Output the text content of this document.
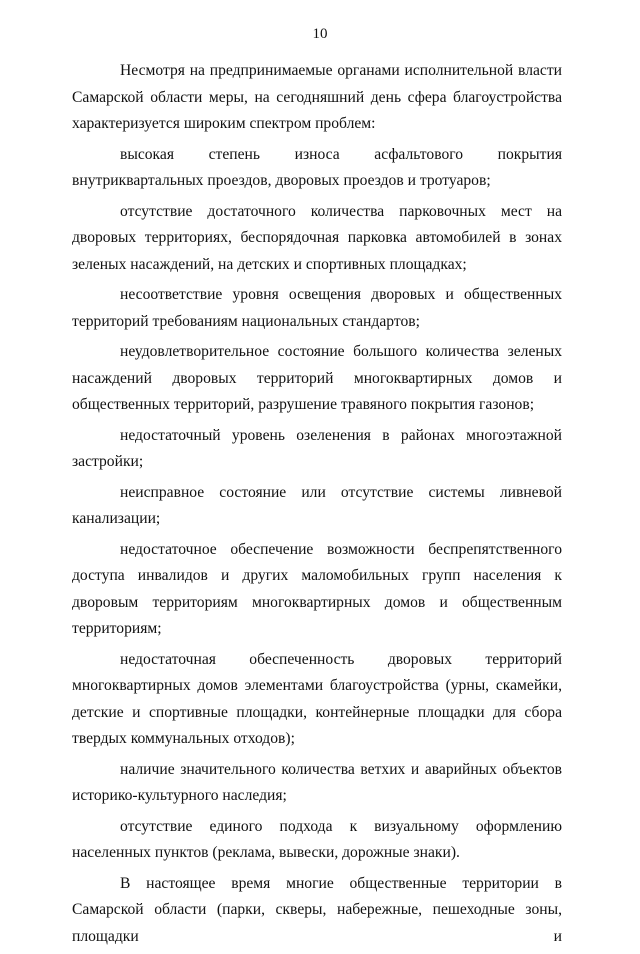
10

Несмотря на предпринимаемые органами исполнительной власти Самарской области меры, на сегодняшний день сфера благоустройства характеризуется широким спектром проблем:

высокая степень износа асфальтового покрытия внутриквартальных проездов, дворовых проездов и тротуаров;

отсутствие достаточного количества парковочных мест на дворовых территориях, беспорядочная парковка автомобилей в зонах зеленых насаждений, на детских и спортивных площадках;

несоответствие уровня освещения дворовых и общественных территорий требованиям национальных стандартов;

неудовлетворительное состояние большого количества зеленых насаждений дворовых территорий многоквартирных домов и общественных территорий, разрушение травяного покрытия газонов;

недостаточный уровень озеленения в районах многоэтажной застройки;

неисправное состояние или отсутствие системы ливневой канализации;

недостаточное обеспечение возможности беспрепятственного доступа инвалидов и других маломобильных групп населения к дворовым территориям многоквартирных домов и общественным территориям;

недостаточная обеспеченность дворовых территорий многоквартирных домов элементами благоустройства (урны, скамейки, детские и спортивные площадки, контейнерные площадки для сбора твердых коммунальных отходов);

наличие значительного количества ветхих и аварийных объектов историко-культурного наследия;

отсутствие единого подхода к визуальному оформлению населенных пунктов (реклама, вывески, дорожные знаки).

В настоящее время многие общественные территории в Самарской области (парки, скверы, набережные, пешеходные зоны, площадки и
